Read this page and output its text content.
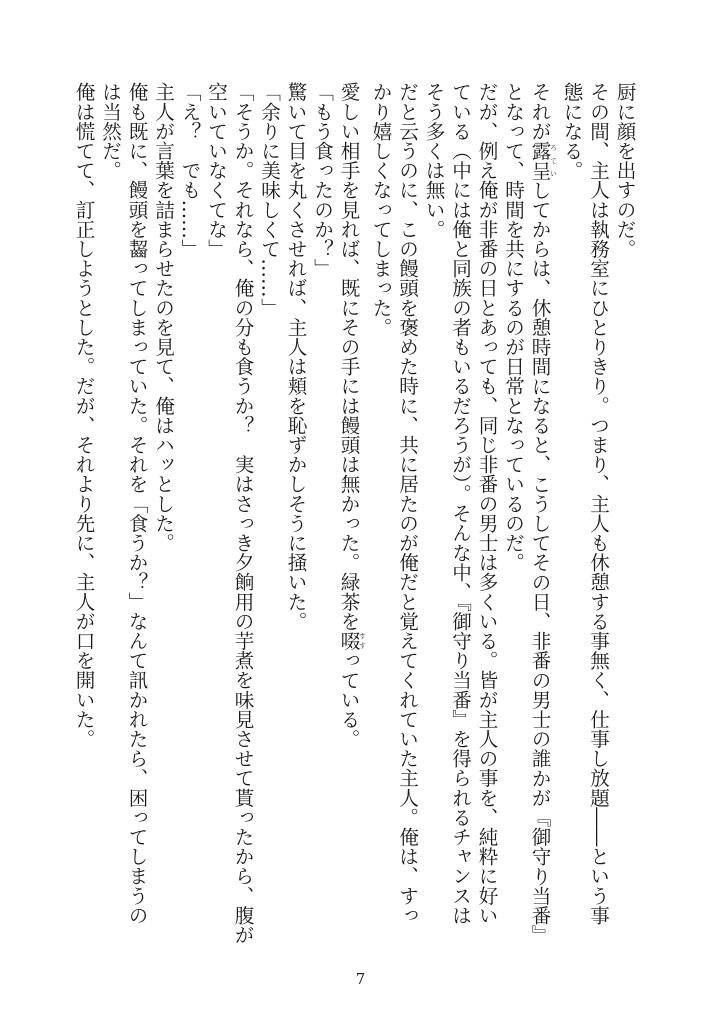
厨に顔を出すのだ。
その間、主人は執務室にひとりきり。つまり、主人も休憩する事無く、仕事し放題――という事
態になる。
それが露呈ろていしてからは、休憩時間になると、こうしてその日、非番の男士の誰かが『御守り当番』
となって、時間を共にするのが日常となっているのだ。
だが、例え俺が非番の日とあっても、同じ非番の男士は多くいる。皆が主人の事を、純粋に好い
ている（中には俺と同族の者もいるだろうが）。そんな中、『御守り当番』を得られるチャンスは
そう多くは無い。
だと云うのに、この饅頭を褒めた時に、共に居たのが俺だと覚えてくれていた主人。俺は、すっ
かり嬉しくなってしまった。
愛しい相手を見れば、既にその手には饅頭は無かった。緑茶を啜すすっている。
「もう食ったのか？」
驚いて目を丸くさせれば、主人は頬を恥ずかしそうに掻いた。
「余りに美味しくて……」
「そうか。それなら、俺の分も食うか？　実はさっき夕餉用の芋煮を味見させて貰ったから、腹が
空いていなくてな」
「え？　でも……」
主人が言葉を詰まらせたのを見て、俺はハッとした。
俺も既に、饅頭を齧ってしまっていた。それを「食うか？」なんて訊かれたら、困ってしまうの
は当然だ。
俺は慌てて、訂正しようとした。だが、それより先に、主人が口を開いた。
7
